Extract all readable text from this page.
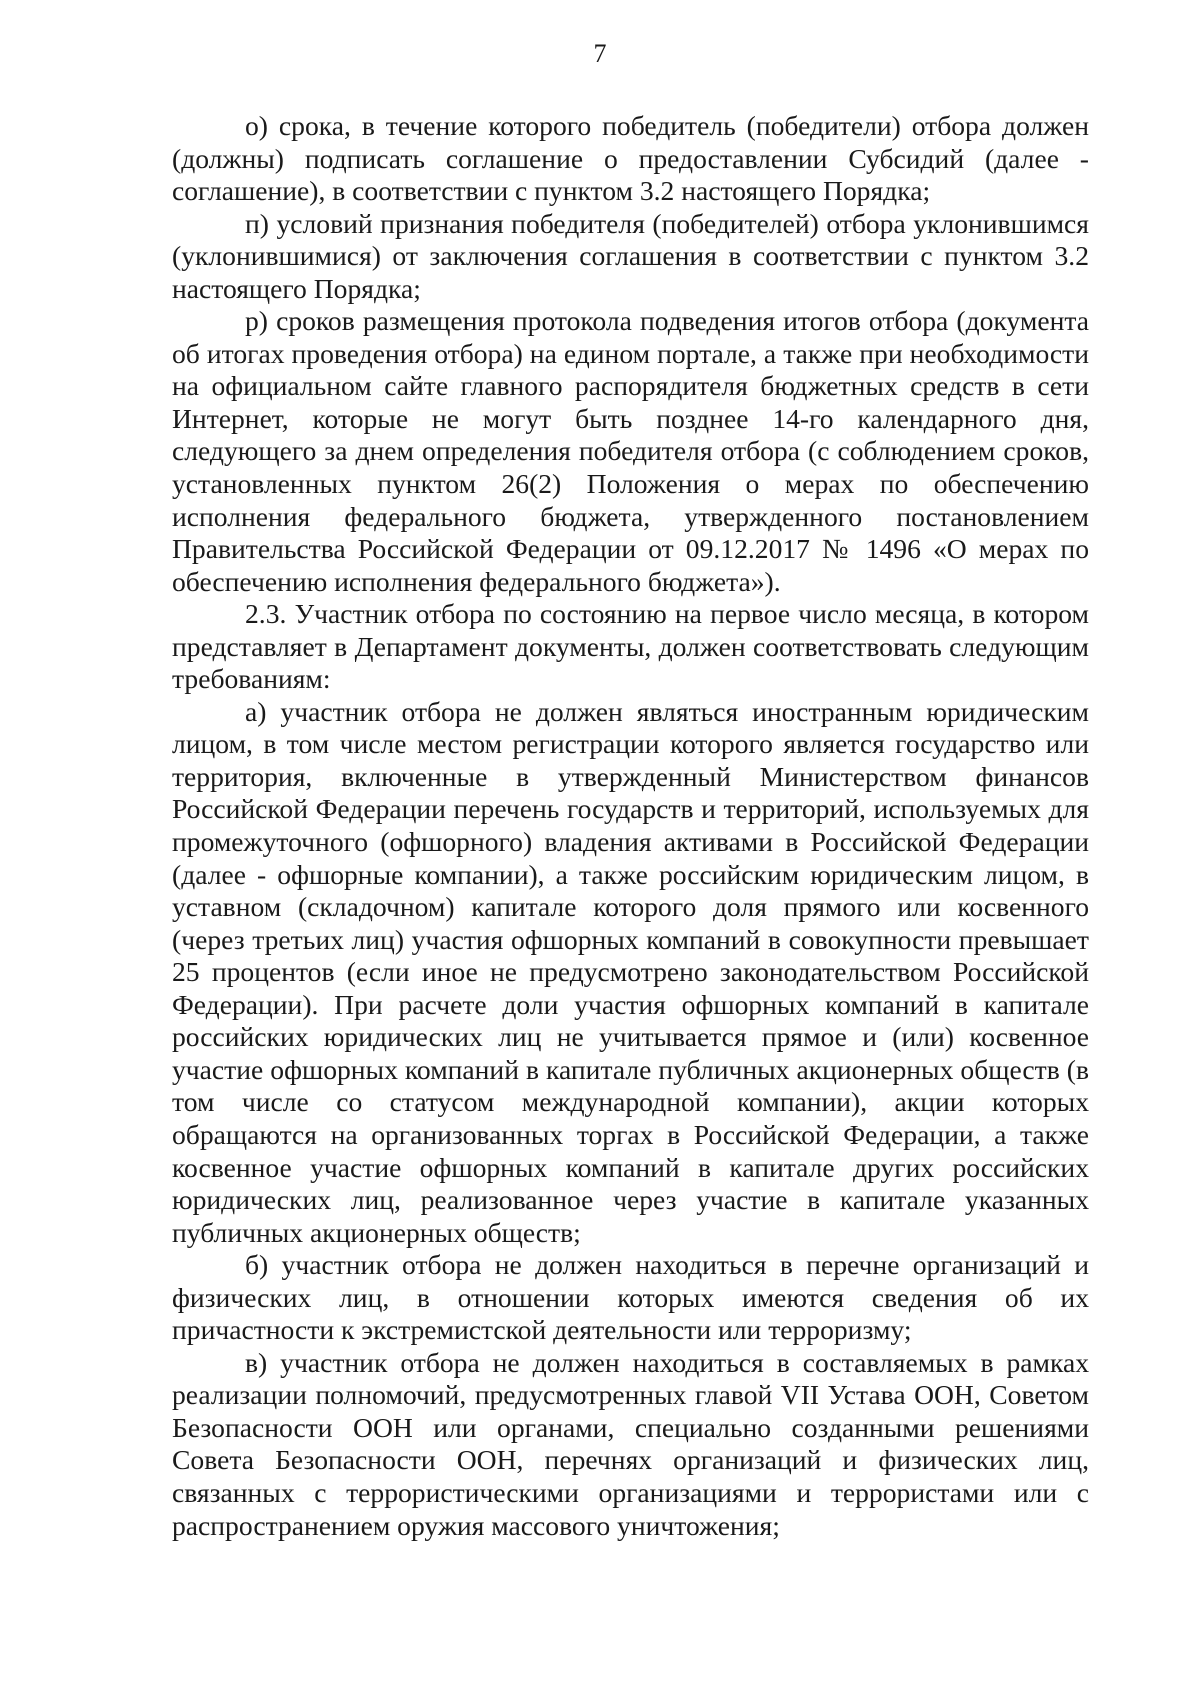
7

о) срока, в течение которого победитель (победители) отбора должен (должны) подписать соглашение о предоставлении Субсидий (далее - соглашение), в соответствии с пунктом 3.2 настоящего Порядка;

п) условий признания победителя (победителей) отбора уклонившимся (уклонившимися) от заключения соглашения в соответствии с пунктом 3.2 настоящего Порядка;

р) сроков размещения протокола подведения итогов отбора (документа об итогах проведения отбора) на едином портале, а также при необходимости на официальном сайте главного распорядителя бюджетных средств в сети Интернет, которые не могут быть позднее 14-го календарного дня, следующего за днем определения победителя отбора (с соблюдением сроков, установленных пунктом 26(2) Положения о мерах по обеспечению исполнения федерального бюджета, утвержденного постановлением Правительства Российской Федерации от 09.12.2017 № 1496 «О мерах по обеспечению исполнения федерального бюджета»).

2.3. Участник отбора по состоянию на первое число месяца, в котором представляет в Департамент документы, должен соответствовать следующим требованиям:

а) участник отбора не должен являться иностранным юридическим лицом, в том числе местом регистрации которого является государство или территория, включенные в утвержденный Министерством финансов Российской Федерации перечень государств и территорий, используемых для промежуточного (офшорного) владения активами в Российской Федерации (далее - офшорные компании), а также российским юридическим лицом, в уставном (складочном) капитале которого доля прямого или косвенного (через третьих лиц) участия офшорных компаний в совокупности превышает 25 процентов (если иное не предусмотрено законодательством Российской Федерации). При расчете доли участия офшорных компаний в капитале российских юридических лиц не учитывается прямое и (или) косвенное участие офшорных компаний в капитале публичных акционерных обществ (в том числе со статусом международной компании), акции которых обращаются на организованных торгах в Российской Федерации, а также косвенное участие офшорных компаний в капитале других российских юридических лиц, реализованное через участие в капитале указанных публичных акционерных обществ;

б) участник отбора не должен находиться в перечне организаций и физических лиц, в отношении которых имеются сведения об их причастности к экстремистской деятельности или терроризму;

в) участник отбора не должен находиться в составляемых в рамках реализации полномочий, предусмотренных главой VII Устава ООН, Советом Безопасности ООН или органами, специально созданными решениями Совета Безопасности ООН, перечнях организаций и физических лиц, связанных с террористическими организациями и террористами или с распространением оружия массового уничтожения;
